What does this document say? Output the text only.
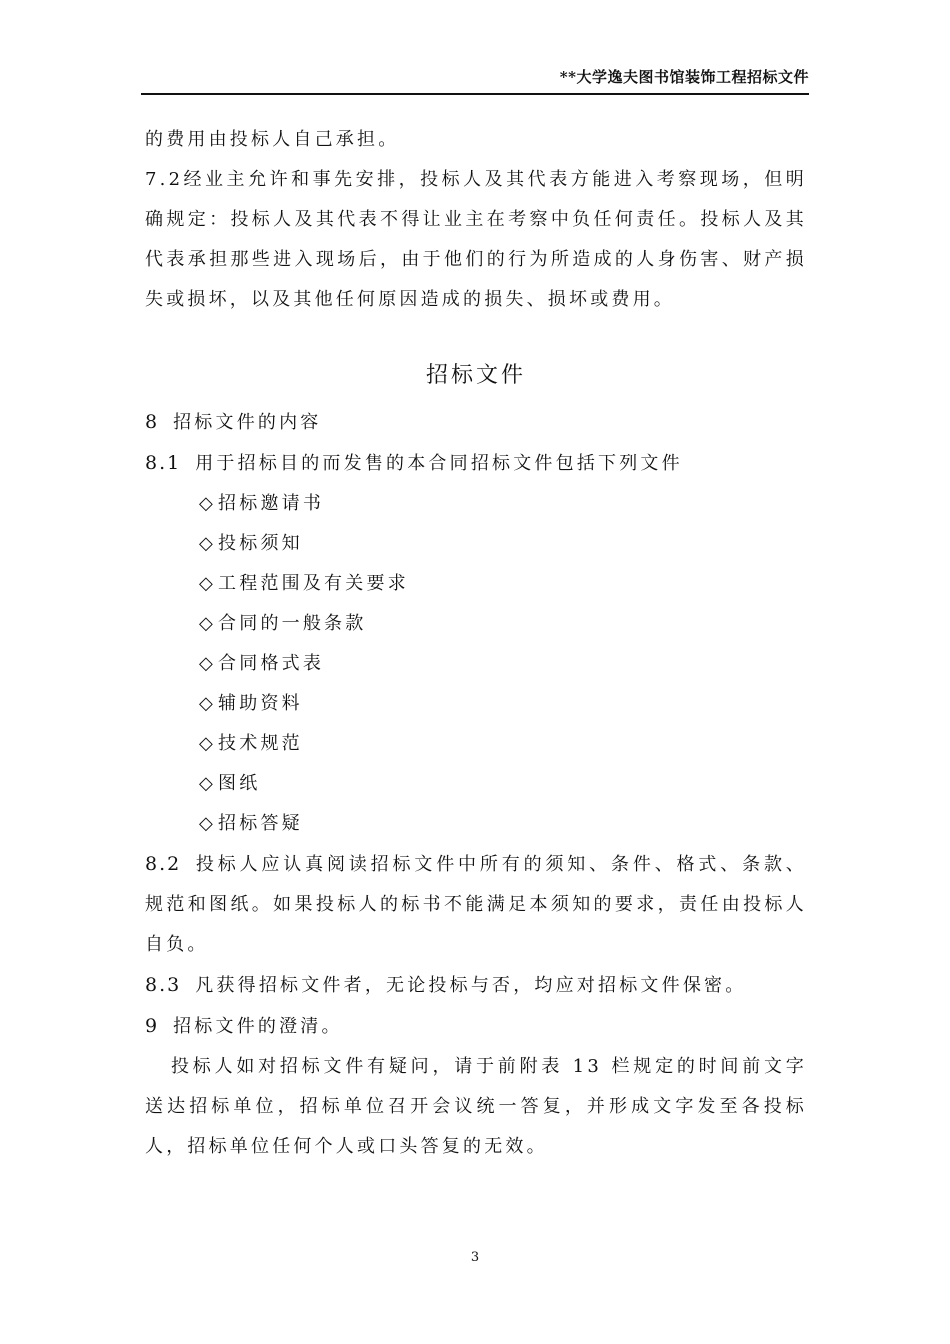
**大学逸夫图书馆装饰工程招标文件

的费用由投标人自己承担。

7.2经业主允许和事先安排，投标人及其代表方能进入考察现场，但明确规定：投标人及其代表不得让业主在考察中负任何责任。投标人及其代表承担那些进入现场后，由于他们的行为所造成的人身伤害、财产损失或损坏，以及其他任何原因造成的损失、损坏或费用。

招标文件
8 招标文件的内容
8.1 用于招标目的而发售的本合同招标文件包括下列文件
◇ 招标邀请书
◇ 投标须知
◇ 工程范围及有关要求
◇ 合同的一般条款
◇ 合同格式表
◇ 辅助资料
◇ 技术规范
◇ 图纸
◇ 招标答疑

8.2 投标人应认真阅读招标文件中所有的须知、条件、格式、条款、规范和图纸。如果投标人的标书不能满足本须知的要求，责任由投标人自负。

8.3 凡获得招标文件者，无论投标与否，均应对招标文件保密。
9 招标文件的澄清。

投标人如对招标文件有疑问，请于前附表 13 栏规定的时间前文字送达招标单位，招标单位召开会议统一答复，并形成文字发至各投标人，招标单位任何个人或口头答复的无效。

3
